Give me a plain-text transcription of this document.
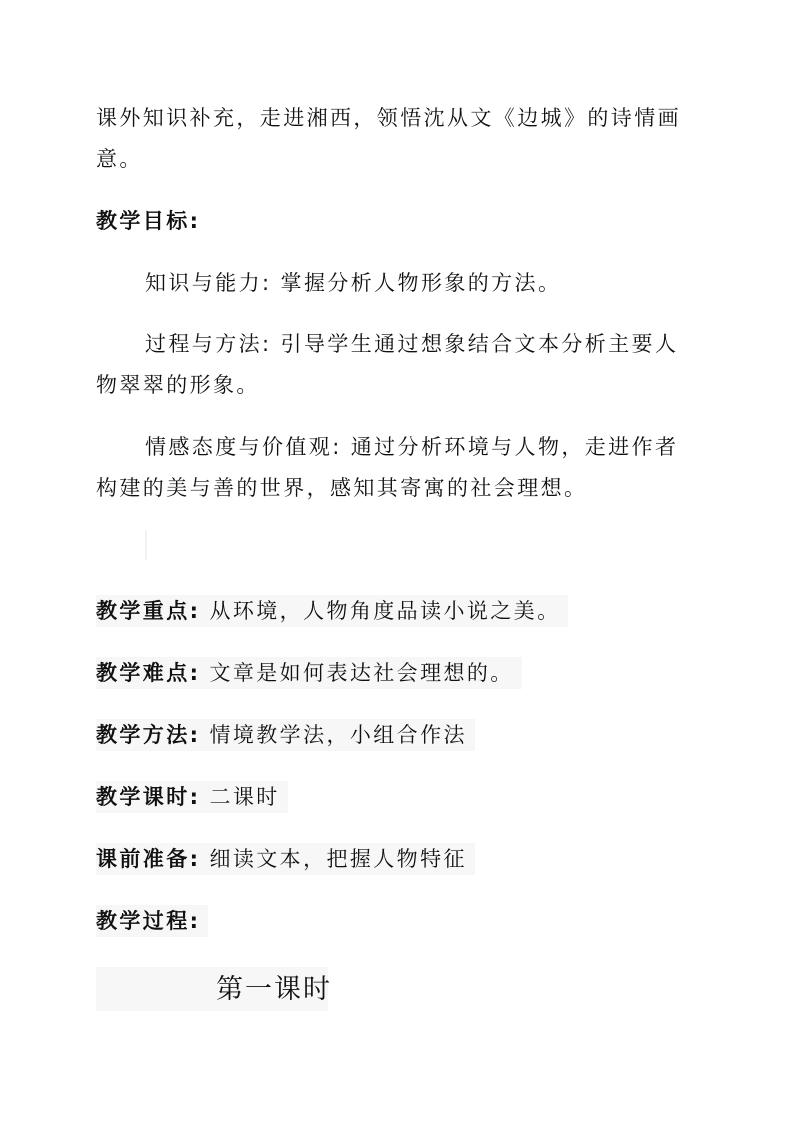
课外知识补充，走进湘西，领悟沈从文《边城》的诗情画
意。
教学目标:
知识与能力: 掌握分析人物形象的方法。
过程与方法: 引导学生通过想象结合文本分析主要人
物翠翠的形象。
情感态度与价值观: 通过分析环境与人物，走进作者
构建的美与善的世界，感知其寄寓的社会理想。
教学重点: 从环境，人物角度品读小说之美。
教学难点: 文章是如何表达社会理想的。
教学方法: 情境教学法，小组合作法
教学课时: 二课时
课前准备: 细读文本，把握人物特征
教学过程:
第一课时
